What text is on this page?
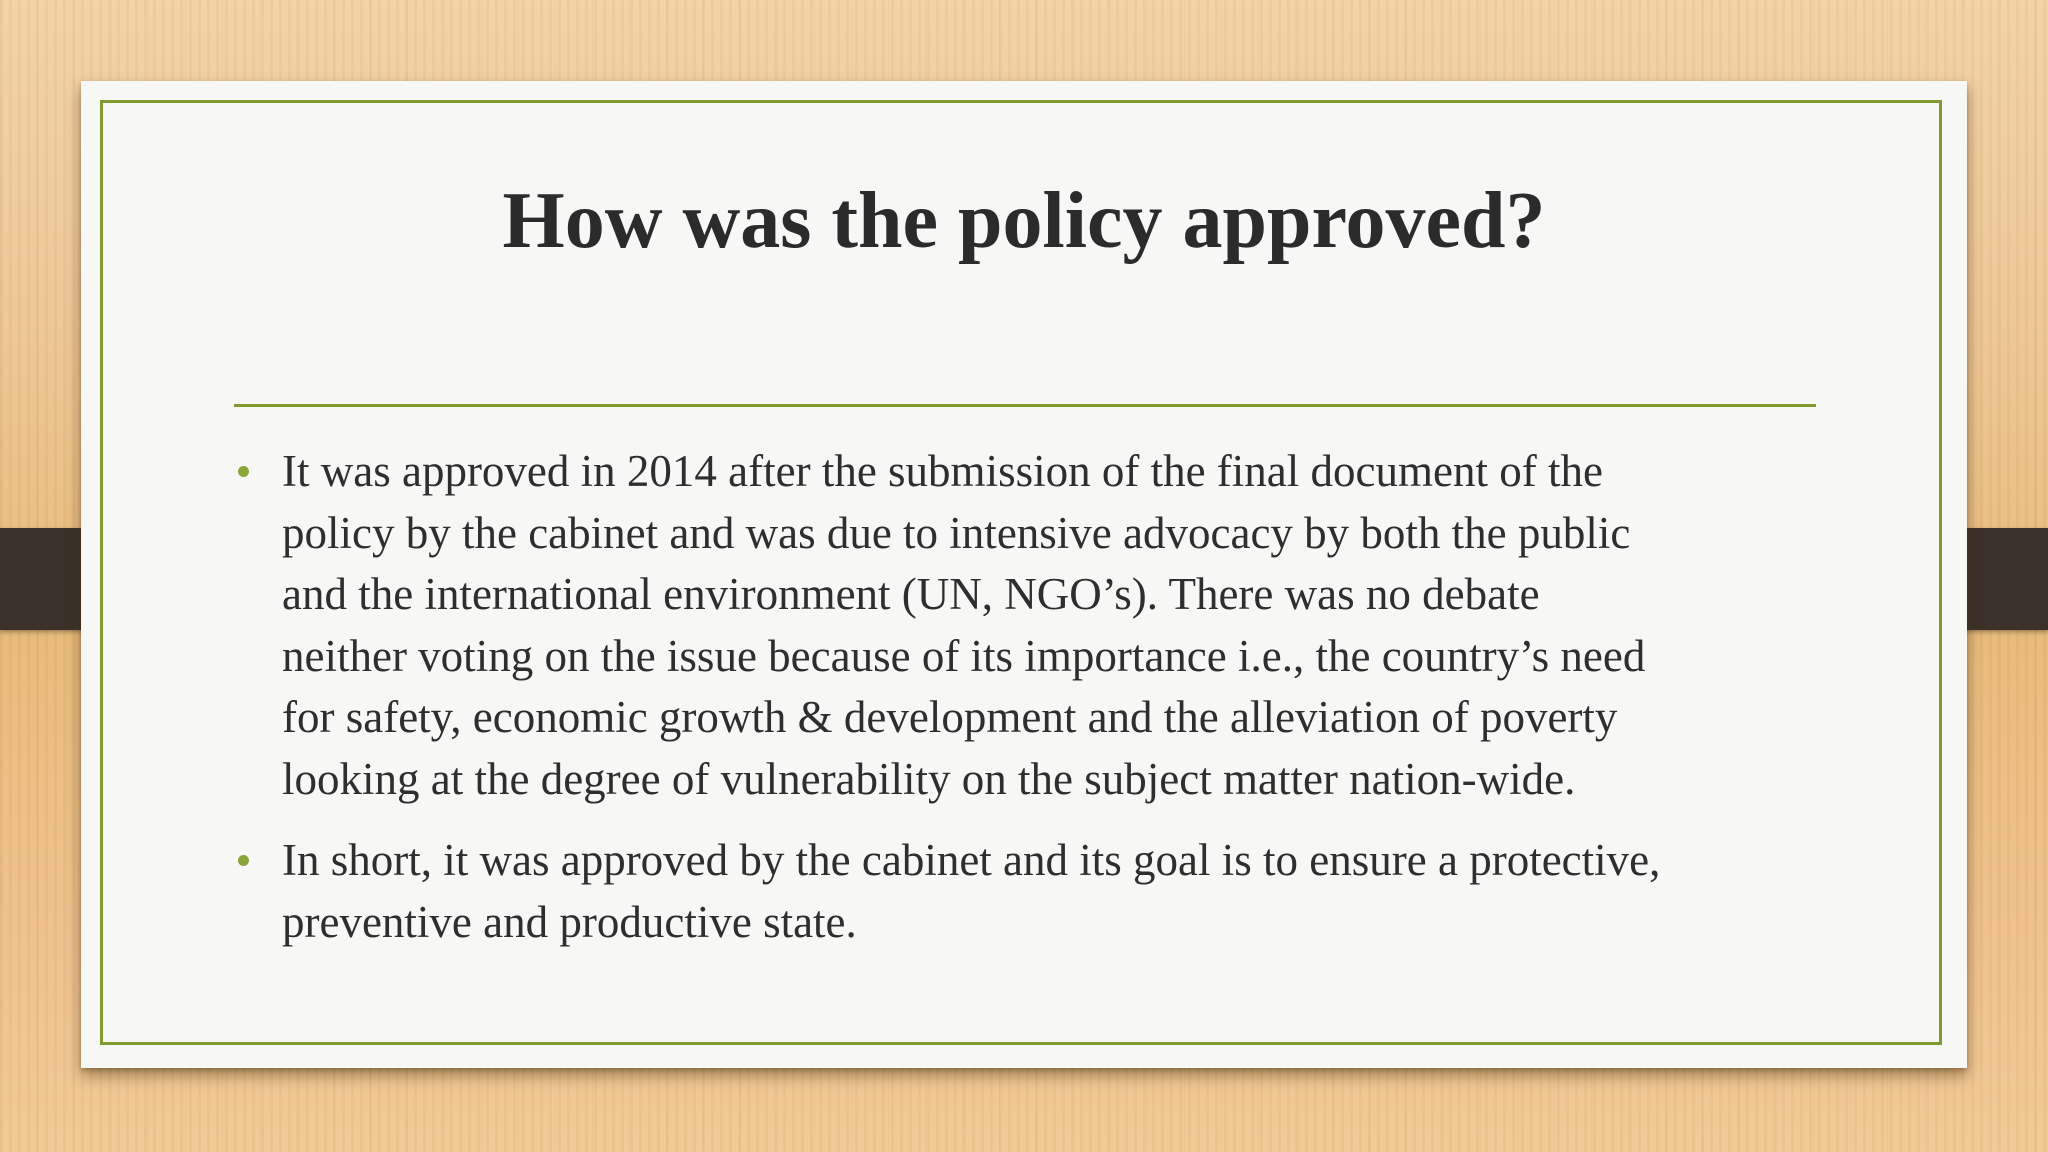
How was the policy approved?
It was approved in 2014 after the submission of the final document of the
policy by the cabinet and was due to intensive advocacy by both the public
and the international environment (UN, NGO’s). There was no debate
neither voting on the issue because of its importance i.e., the country’s need
for safety, economic growth & development and the alleviation of poverty
looking at the degree of vulnerability on the subject matter nation-wide.
In short, it was approved by the cabinet and its goal is to ensure a protective,
preventive and productive state.
